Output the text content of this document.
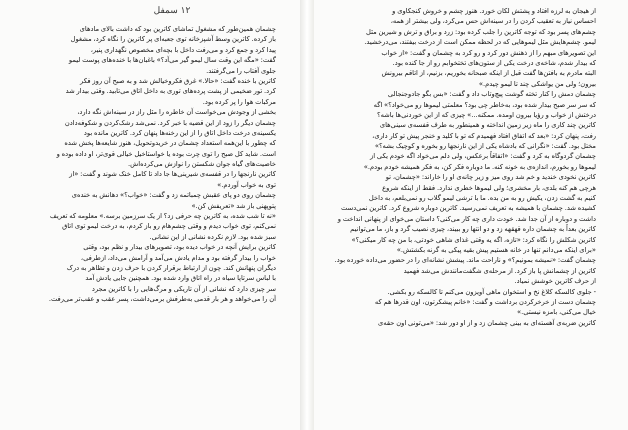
۱۲ سمفل
چشمان همین‌طور که مشغول تماشای کاترین بود که داشت بالای مادهای
باز کرده. کاترین وسط آشپزخانه توی جعبه‌ای پر کاترین را نگاه کرد، مشغول
پیدا کرد و جمع کرد و می‌رفت داخل با بچه‌ای مخصوص نگهداری پنیر،
گفت: «مگه این وقت سال لیمو گیر می‌آد؟» باغبان‌ها با خنده‌های پوست لیمو
جلوی آفتاب را می‌گرفتند.
کاترین با خنده گفت: «حالا.» غرق فکروخیالش شد و به صبح آن روز فکر
کرد. تور ضخیمی از پشت پرده‌های توری به داخل اتاق می‌تابید. وقتی بیدار شد
مرکبات هوا را پر کرده بود.
بخشی از وجودش می‌خواست آن خاطره را مثل راز در سینه‌اش نگه دارد،
چشمان دیگر را زود از این قضیه با خبر کرد. نمی‌شد رشک‌کردن و شکوفه‌دادن
یکسینه‌ی درخت داخل اتاق را از این رخنه‌ها پنهان کرد. کاترین مانده بود
که چطور با این‌همه استعداد چشمان در خریدوتحویل، هنوز شایعه‌ها پخش شده
است. شاید کل صبح را توی چرت بوده یا خواستاخیل خیالی قوی‌تر، او داده بوده و
خاصیت‌های گیاه جوان شکستن را نوازش می‌کرده‌اش.
کاترین نارنجها را در قفسه‌ی شیرینی‌ها جا داد تا کامل خنک شوند و گفت: «از
توی به خواب آوردم.»
چشمان روی دو پای عقبش چمباتمه زد و گفت: «خواب؟» دهانش به خنده‌ی
پتوپهنی باز شد «تعریفش کن.»
«نه تا شب شده، به کاترین چه حرفی زد؟ از یک سرزمین برسه.» معلومه که تعریف
نمی‌کنم، توی خواب دیدم و وقتی چشم‌هام رو باز کردم، به درخت لیمو توی اتاق
سبز شده بود. لازم نکرده نشانی از این نشانی.
کاترین برایش آنچه در خواب دیده بود، تصویرهای بیدار و نظم بود، وقتی
خواب را بیدار گرفته بود و مدام یادش می‌آمد و آرامش می‌داد، ازطرفی،
دیگران پنهانش کند. چون از ارتباط برقرار کردن با حرف زدن و تظاهر به درک
با لباس سرتاپا سیاه در راه اتاق وارد شده بود. همچنین جایی یادش آمد
سر چیزی دارد که نشانی از آن تاریکی و مرگ‌هایی را با کاترین مجرد
آن را می‌خواهد و هر بار قدمی به‌طرفش برمی‌داشت، پسر عقب و عقب‌تر می‌رفت.
از هیجان به لرزه افتاد و پشتش لکان خورد. هنوز چشم و خروش کنجکاوی و
احساس نیاز به تعقیب کردن را در سینه‌اش حس می‌کرد، ولی بیشتر از همه،
چشم‌های پسر بود که توجه کاترین را جلب کرده بود: زرد و براق و ترش و شیرین مثل
لیمو. چشم‌هایش مثل لیموهایی که در لحظه ممکن است از درخت بیفتند، می‌درخشید.
این تصویرهای مبهم را از ذهنش دور کرد و رو کرد به چشمان و گفت: «از خواب
که بیدار شدم، شاخه‌ی درخت یکی از ستون‌های تختخوابم رو از جا کنده بود.
البته مادرم به بافتن‌ها گفت قبل از اینکه صبحانه بخوریم، بزنیم، از اتاقم بیرونش
بیرون؛ ولی من یواشکی چند تا لیمو چیدم.»
چشمان دمش را کنار تخته گوشت پیچ‌وتاب داد و گفت: «بس بگو جادوجنجالی
که سر سر صبح بیدار شده بود، به‌خاطر چی بود؟ معلمتی لیموها رو می‌خواد؟» اگه
درختش از خواب و رؤیا بیرون اومده. ممکنه...» چیزی که از این خوردنی‌ها باشه؟
کاترین چند کاری را ماه زیر زمین انداخته و همینطور به طرف قفسه‌ی سینی‌های
رفت، پنهان کرد: «بعد که اتفاق افتاد فهمیدم که تو با کلید و خنجر پیش تو کار داری،
مختل بود. گفت: «نگرانی که بادشاه یکی از این نارنجها رو بخوره و کوچیک بشه؟»
چشمان گردوگاه به کرد و گفت: «اتفاقاً برعکس، ولی دلم می‌خواد اگه خودم یکی از
لیموها رو بخورم، اندازه‌ی به خونه کنه. ما دوباره فکر کن، به فکر همیشه خودم بودم.»
کاترین نخودی خندید و خم شد روی میز و زیر چانه‌ی او را خاراند: «چشمان، تو
هرچی هم کنه بلدی، بار مخشری؛ ولی لیموها خطری ندارد. فقط از اینکه شروع
کنیم به گشت زدن، یکیش رو به من بده. ما با ترشی لیمو گلاب رو نمی‌بلعم، به داخل
کشیده شد. چشمان با همیشه به تعریف نمی‌رسید. کاترین دوباره شروع کرد. کاترین نمی‌دست
داشت و دوباره از آن جدا شد. خودت داری چه کار می‌کنی؟ داستان می‌خوای از پنهانی انداخت و
کاترین بعداً به چشمان داره قهقهه زد و دو انتها رو ببیند، چیزی نصیب گرد و باز، ما می‌توانیم
کاترین شکلش را نگاه کرد: «تازه، اگه یه وقتی غذای شاهی خودتی، با من چه کار میکنی؟»
«برای اینکه می‌دانم تنها در خانه هستیم پیش بقیه پیکی به گرنه بکشتش.»
چشمان گفت: «نمیشه بمونیم؟» و ناراحت ماند. پیشش نشانه‌ای را در حضور می‌داده خورده بود.
کاترین از چشمانش پا باز کرد. از مرحله‌ی شگفت‌مانندش می‌شد فهمید
از حرف کاترین خوشش نمیاد.
- جلوی کالسکه کلاغ نخ و استخوان ماهی آویزون می‌کنم تا کالسکه رو بکشی.
چشمان دست از خرخرکردن برداشت و گفت: «خانم پیشکرتون، اون قدرها هم که
خیال می‌کنی، بامزه نیستی.»
کاترین ضربه‌ی آهسته‌ای به بینی چشمان زد و از او دور شد: «می‌تونی اون حقه‌ی
